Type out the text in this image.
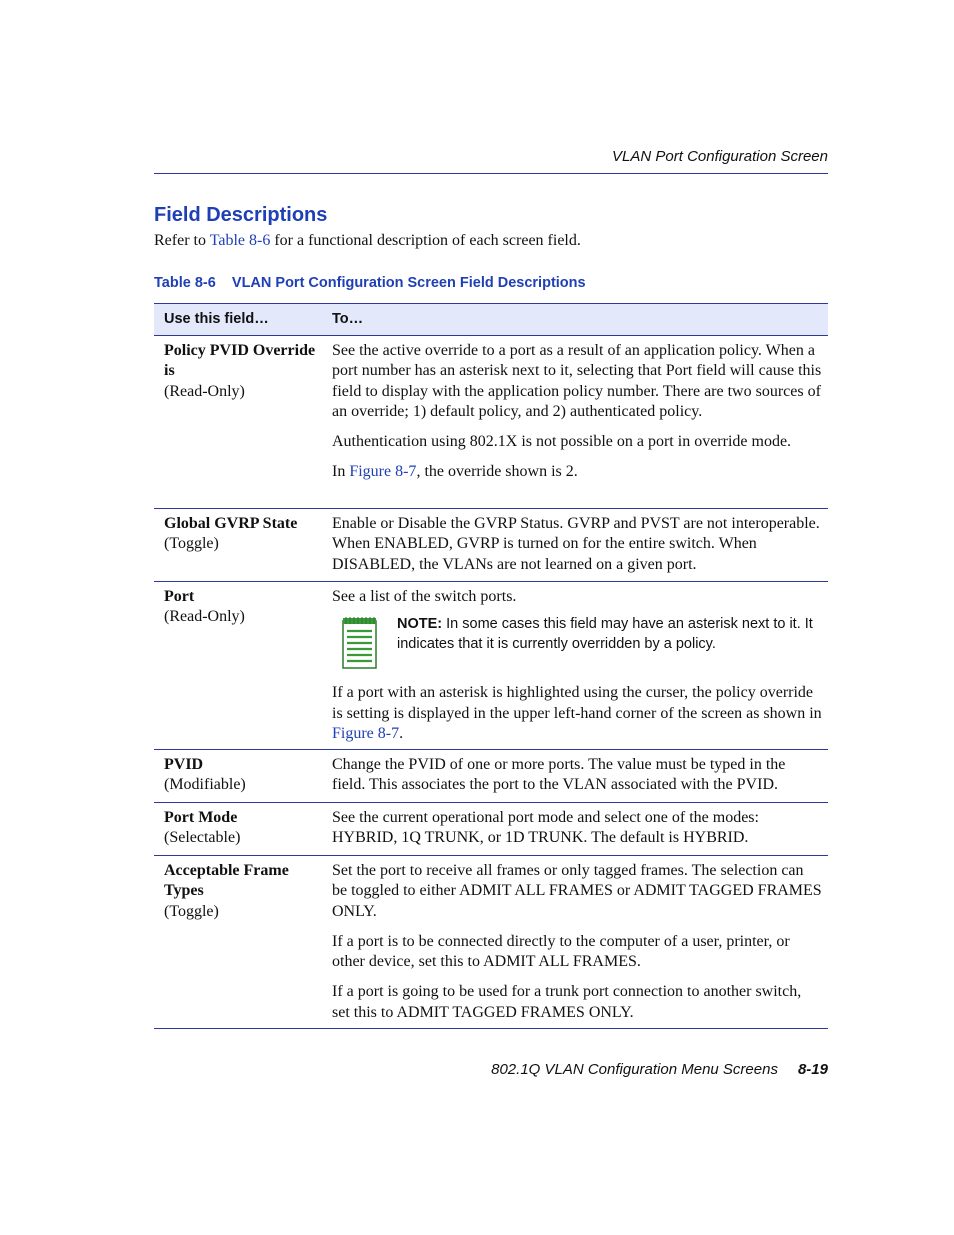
VLAN Port Configuration Screen
Field Descriptions
Refer to Table 8-6 for a functional description of each screen field.
Table 8-6    VLAN Port Configuration Screen Field Descriptions
Use this field…	To…
Policy PVID Override is
(Read-Only)

See the active override to a port as a result of an application policy. When a port number has an asterisk next to it, selecting that Port field will cause this field to display with the application policy number. There are two sources of an override; 1) default policy, and 2) authenticated policy.

Authentication using 802.1X is not possible on a port in override mode.

In Figure 8-7, the override shown is 2.

Global GVRP State
(Toggle)

Enable or Disable the GVRP Status. GVRP and PVST are not interoperable. When ENABLED, GVRP is turned on for the entire switch. When DISABLED, the VLANs are not learned on a given port.

Port
(Read-Only)

See a list of the switch ports.

NOTE: In some cases this field may have an asterisk next to it. It indicates that it is currently overridden by a policy.

If a port with an asterisk is highlighted using the curser, the policy override is setting is displayed in the upper left-hand corner of the screen as shown in Figure 8-7.

PVID
(Modifiable)

Change the PVID of one or more ports. The value must be typed in the field. This associates the port to the VLAN associated with the PVID.

Port Mode
(Selectable)

See the current operational port mode and select one of the modes: HYBRID, 1Q TRUNK, or 1D TRUNK. The default is HYBRID.

Acceptable Frame Types
(Toggle)

Set the port to receive all frames or only tagged frames. The selection can be toggled to either ADMIT ALL FRAMES or ADMIT TAGGED FRAMES ONLY.

If a port is to be connected directly to the computer of a user, printer, or other device, set this to ADMIT ALL FRAMES.

If a port is going to be used for a trunk port connection to another switch, set this to ADMIT TAGGED FRAMES ONLY.

802.1Q VLAN Configuration Menu Screens 8-19
